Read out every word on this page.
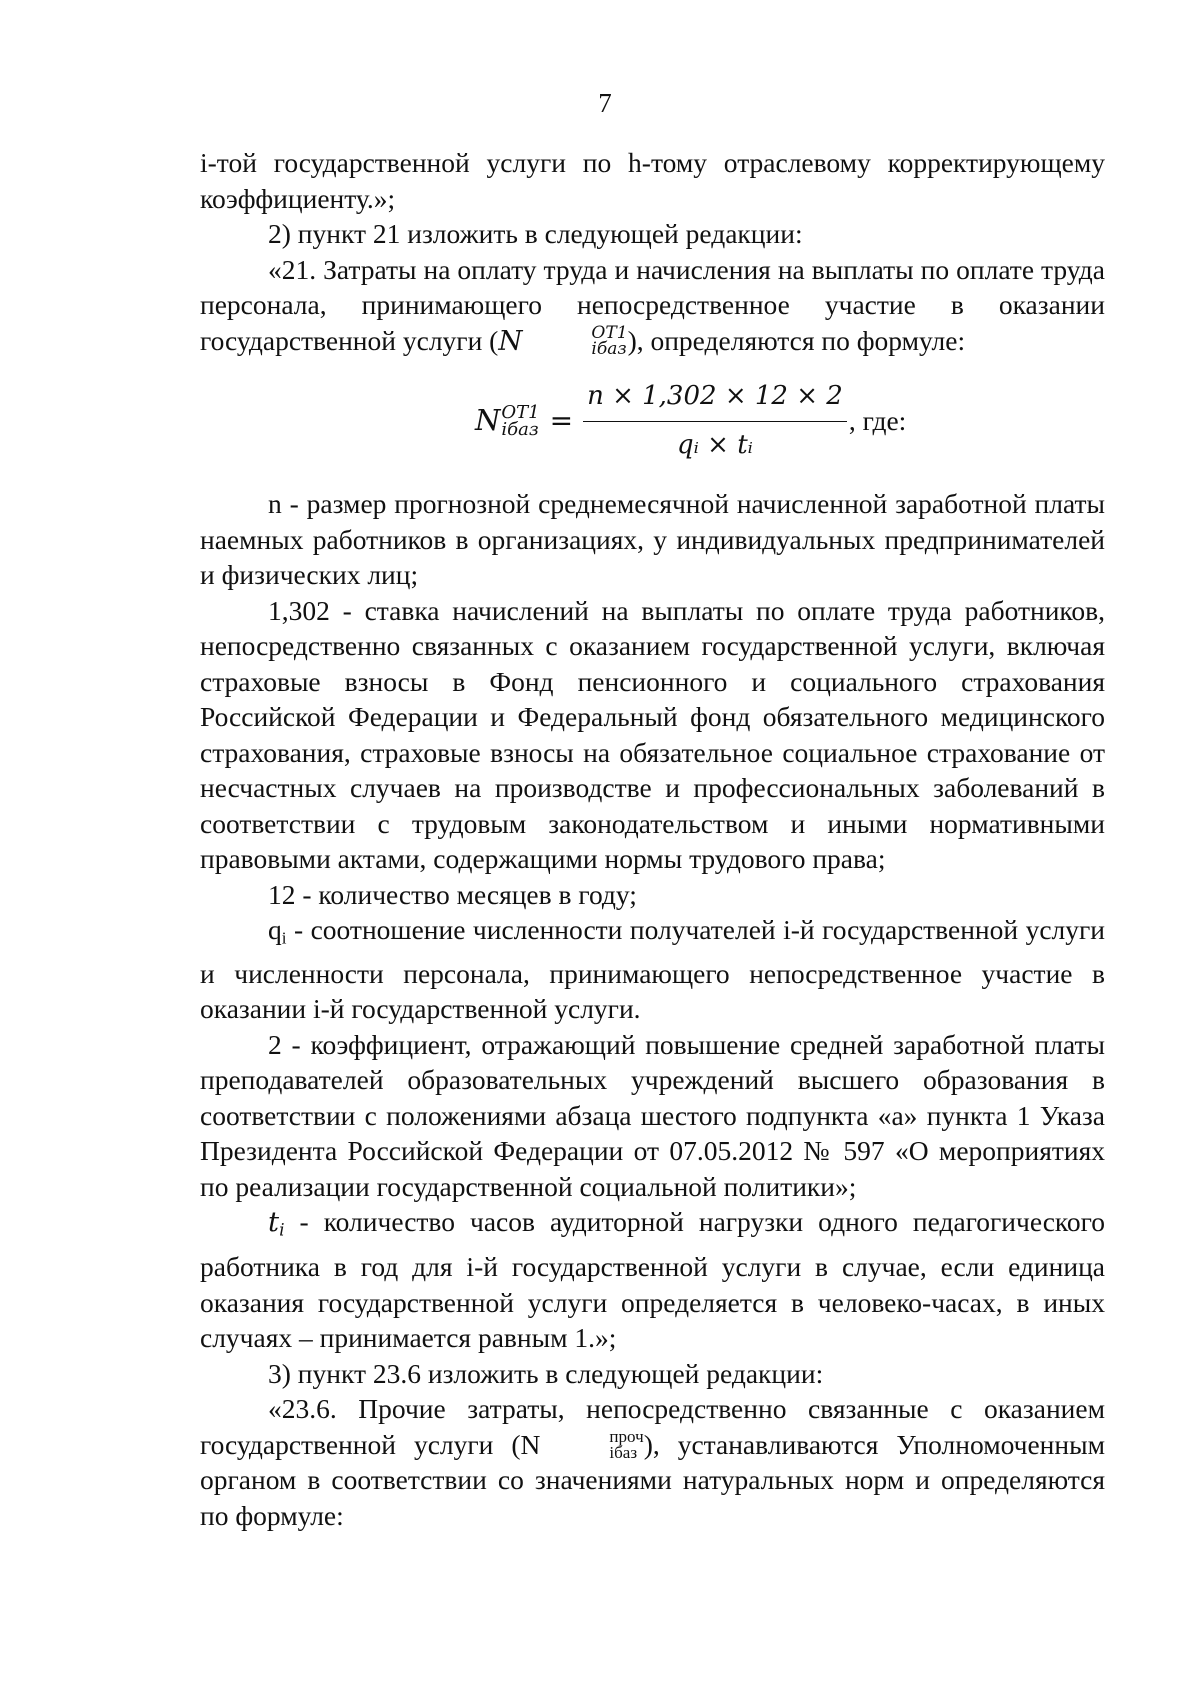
7

i-той государственной услуги по h-тому отраслевому корректирующему коэффициенту.»;

2) пункт 21 изложить в следующей редакции:

«21. Затраты на оплату труда и начисления на выплаты по оплате труда персонала, принимающего непосредственное участие в оказании государственной услуги (N	OT1
iбаз ), определяются по формуле:

N OT1
iбаз = $\frac{n \times 1,302 \times 12 \times 2}{\text{qᵢ × tᵢ}}$ , где:

n - размер прогнозной среднемесячной начисленной заработной платы наемных работников в организациях, у индивидуальных предпринимателей и физических лиц;

1,302 - ставка начислений на выплаты по оплате труда работников, непосредственно связанных с оказанием государственной услуги, включая страховые взносы в Фонд пенсионного и социального страхования Российской Федерации и Федеральный фонд обязательного медицинского страхования, страховые взносы на обязательное социальное страхование от несчастных случаев на производстве и профессиональных заболеваний в соответствии с трудовым законодательством и иными нормативными правовыми актами, содержащими нормы трудового права;

12 - количество месяцев в году;

qi - соотношение численности получателей i-й государственной услуги и численности персонала, принимающего непосредственное участие в оказании i-й государственной услуги.

2 - коэффициент, отражающий повышение средней заработной платы преподавателей образовательных учреждений высшего образования в соответствии с положениями абзаца шестого подпункта «а» пункта 1 Указа Президента Российской Федерации от 07.05.2012 № 597 «О мероприятиях по реализации государственной социальной политики»;

ti - количество часов аудиторной нагрузки одного педагогического работника в год для i-й государственной услуги в случае, если единица оказания государственной услуги определяется в человеко-часах, в иных случаях – принимается равным 1.»;

3) пункт 23.6 изложить в следующей редакции:

«23.6. Прочие затраты, непосредственно связанные с оказанием государственной услуги (N	проч
iбаз ), устанавливаются Уполномоченным органом в соответствии со значениями натуральных норм и определяются по формуле:
